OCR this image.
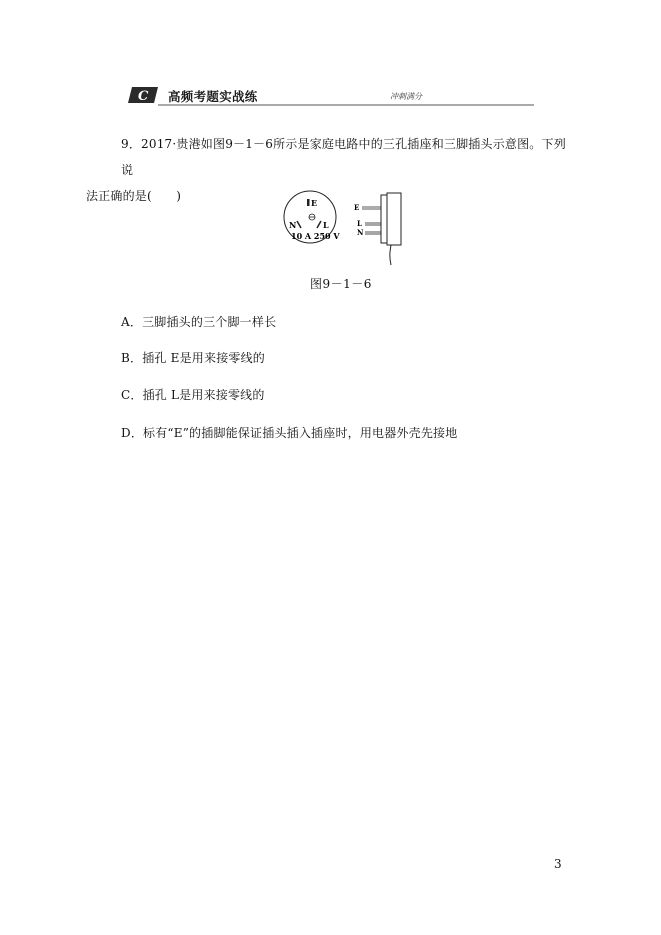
C 高频考题实战练	冲刺满分
9．2017·贵港如图9－1－6所示是家庭电路中的三孔插座和三脚插头示意图。下列说
法正确的是(　　)	E
N	L
10 A 250 V
E
L
N
图9－1－6
A．三脚插头的三个脚一样长
B．插孔 E是用来接零线的
C．插孔 L是用来接零线的
D．标有“E”的插脚能保证插头插入插座时，用电器外壳先接地
3
